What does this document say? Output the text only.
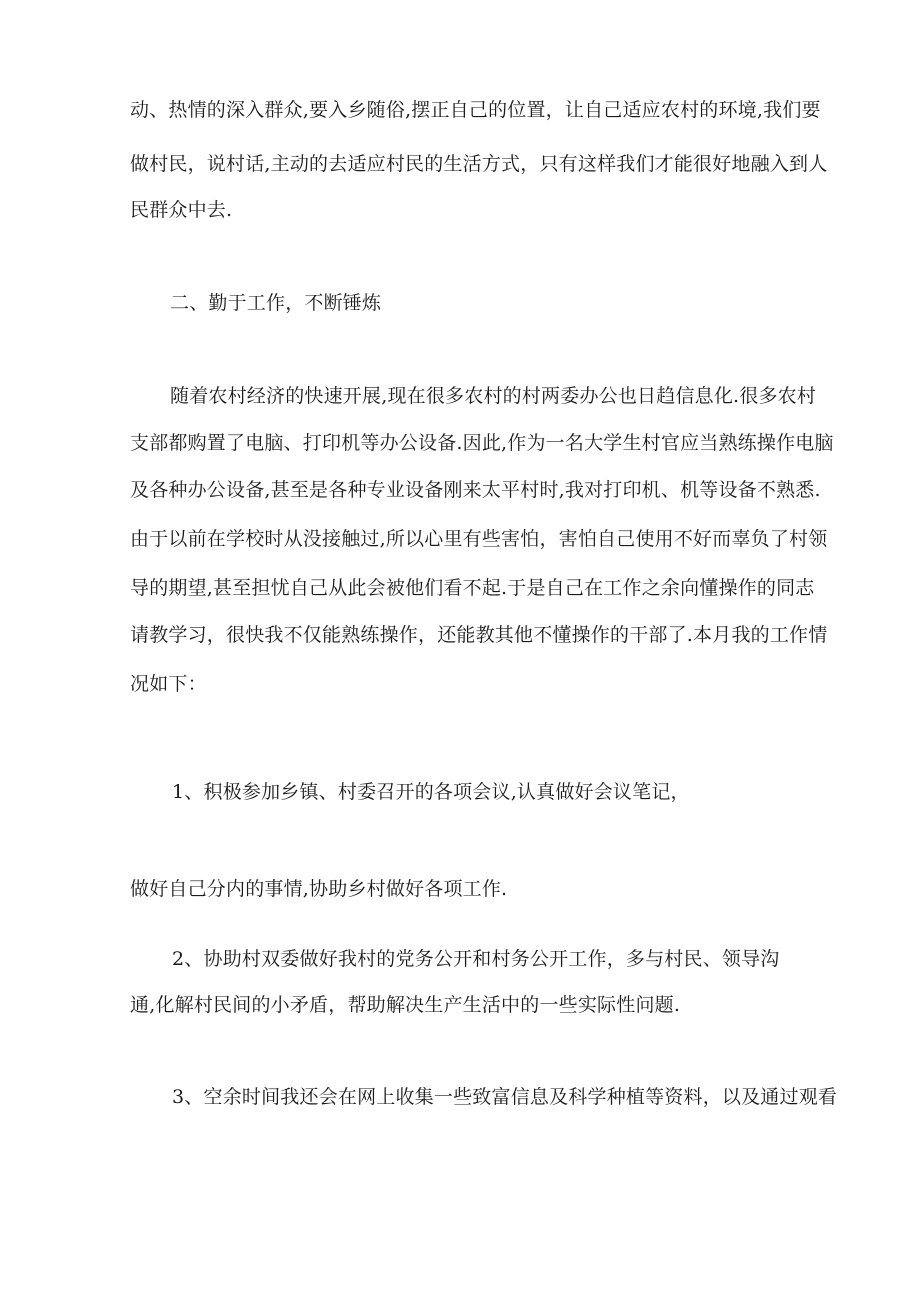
动、热情的深入群众,要入乡随俗,摆正自己的位置，让自己适应农村的环境,我们要
做村民，说村话,主动的去适应村民的生活方式，只有这样我们才能很好地融入到人
民群众中去.
二、勤于工作，不断锤炼
随着农村经济的快速开展,现在很多农村的村两委办公也日趋信息化.很多农村
支部都购置了电脑、打印机等办公设备.因此,作为一名大学生村官应当熟练操作电脑
及各种办公设备,甚至是各种专业设备刚来太平村时,我对打印机、机等设备不熟悉.
由于以前在学校时从没接触过,所以心里有些害怕，害怕自己使用不好而辜负了村领
导的期望,甚至担忧自己从此会被他们看不起.于是自己在工作之余向懂操作的同志
请教学习，很快我不仅能熟练操作，还能教其他不懂操作的干部了.本月我的工作情
况如下：
1、积极参加乡镇、村委召开的各项会议,认真做好会议笔记，
做好自己分内的事情,协助乡村做好各项工作.
2、协助村双委做好我村的党务公开和村务公开工作，多与村民、领导沟
通,化解村民间的小矛盾，帮助解决生产生活中的一些实际性问题.
3、空余时间我还会在网上收集一些致富信息及科学种植等资料，以及通过观看
